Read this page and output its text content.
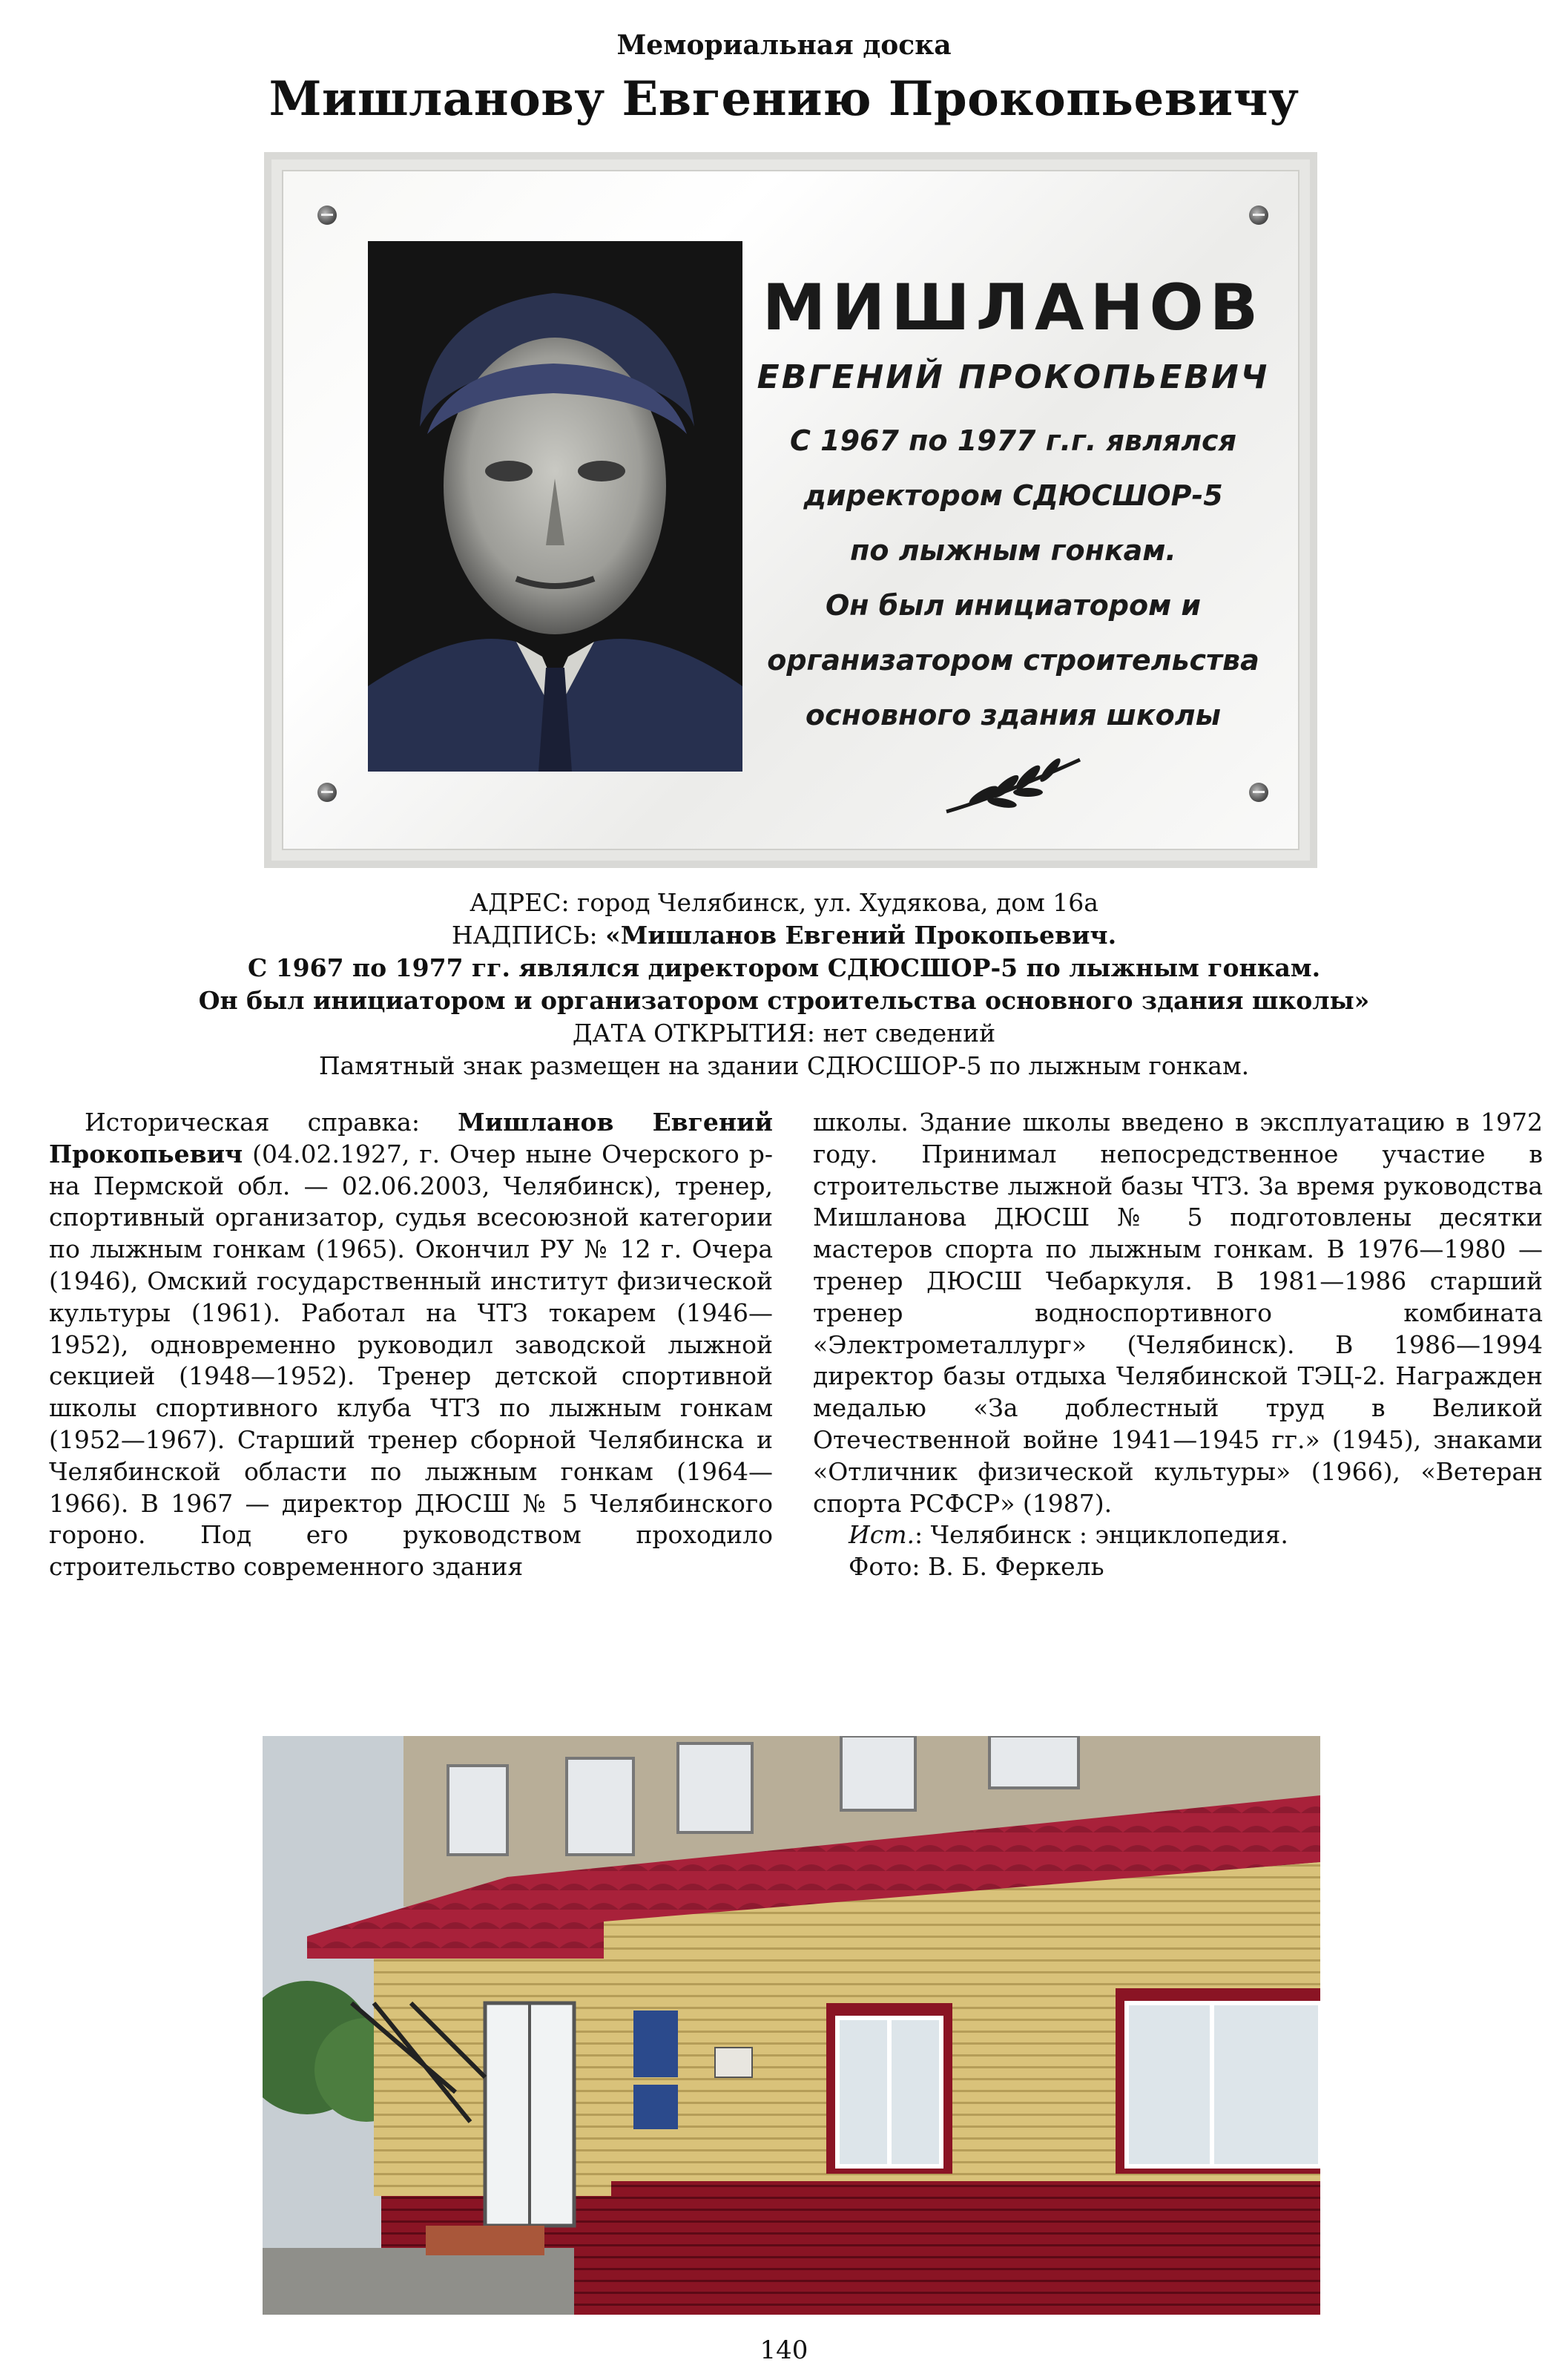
Мемориальная доска
Мишланову Евгению Прокопьевичу
МИШЛАНОВ
ЕВГЕНИЙ ПРОКОПЬЕВИЧ
С 1967 по 1977 г.г. являлся
директором СДЮСШОР-5
по лыжным гонкам.
Он был инициатором и
организатором строительства
основного здания школы
АДРЕС: город Челябинск, ул. Худякова, дом 16а
НАДПИСЬ: «Мишланов Евгений Прокопьевич.
С 1967 по 1977 гг. являлся директором СДЮСШОР-5 по лыжным гонкам.
Он был инициатором и организатором строительства основного здания школы»
ДАТА ОТКРЫТИЯ: нет сведений
Памятный знак размещен на здании СДЮСШОР-5 по лыжным гонкам.

Историческая справка: Мишланов Евгений Прокопьевич (04.02.1927, г. Очер ныне Очерского р-на Пермской обл. — 02.06.2003, Челябинск), тренер, спортивный организатор, судья всесоюзной категории по лыжным гонкам (1965). Окончил РУ № 12 г. Очера (1946), Омский государственный институт физической культуры (1961). Работал на ЧТЗ токарем (1946—1952), одновременно руководил заводской лыжной секцией (1948—1952). Тренер детской спортивной школы спортивного клуба ЧТЗ по лыжным гонкам (1952—1967). Старший тренер сборной Челябинска и Челябинской области по лыжным гонкам (1964—1966). В 1967 — директор ДЮСШ № 5 Челябинского гороно. Под его руководством проходило строительство современного здания

школы. Здание школы введено в эксплуатацию в 1972 году. Принимал непосредственное участие в строительстве лыжной базы ЧТЗ. За время руководства Мишланова ДЮСШ № 5 подготовлены десятки мастеров спорта по лыжным гонкам. В 1976—1980 — тренер ДЮСШ Чебаркуля. В 1981—1986 старший тренер водноспортивного комбината «Электрометаллург» (Челябинск). В 1986—1994 директор базы отдыха Челябинской ТЭЦ-2. Награжден медалью «За доблестный труд в Великой Отечественной войне 1941—1945 гг.» (1945), знаками «Отличник физической культуры» (1966), «Ветеран спорта РСФСР» (1987).

Ист.: Челябинск : энциклопедия.

Фото: В. Б. Феркель

140
